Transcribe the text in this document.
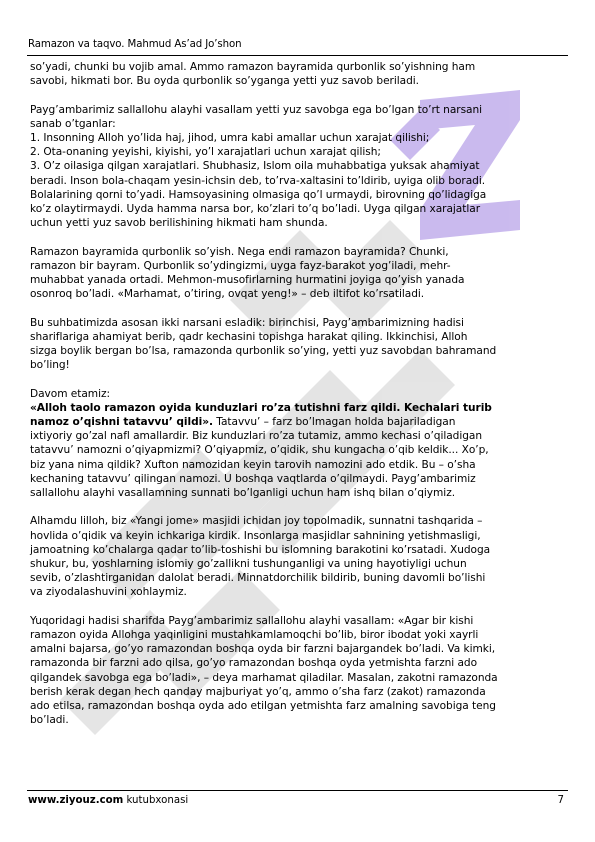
Ramazon va taqvo. Mahmud As’ad Jo’shon

so’yadi, chunki bu vojib amal. Ammo ramazon bayramida qurbonlik so’yishning ham
savobi, hikmati bor. Bu oyda qurbonlik so’yganga yetti yuz savob beriladi.

Payg’ambarimiz sallallohu alayhi vasallam yetti yuz savobga ega bo’lgan to’rt narsani
sanab o’tganlar:
1. Insonning Alloh yo’lida haj, jihod, umra kabi amallar uchun xarajat qilishi;
2. Ota-onaning yeyishi, kiyishi, yo’l xarajatlari uchun xarajat qilish;
3. O’z oilasiga qilgan xarajatlari. Shubhasiz, Islom oila muhabbatiga yuksak ahamiyat
beradi. Inson bola-chaqam yesin-ichsin deb, to’rva-xaltasini to’ldirib, uyiga olib boradi.
Bolalarining qorni to’yadi. Hamsoyasining olmasiga qo’l urmaydi, birovning qo’lidagiga
ko’z olaytirmaydi. Uyda hamma narsa bor, ko’zlari to’q bo’ladi. Uyga qilgan xarajatlar
uchun yetti yuz savob berilishining hikmati ham shunda.

Ramazon bayramida qurbonlik so’yish. Nega endi ramazon bayramida? Chunki,
ramazon bir bayram. Qurbonlik so’ydingizmi, uyga fayz-barakot yog’iladi, mehr-
muhabbat yanada ortadi. Mehmon-musofirlarning hurmatini joyiga qo’yish yanada
osonroq bo’ladi. «Marhamat, o’tiring, ovqat yeng!» – deb iltifot ko’rsatiladi.

Bu suhbatimizda asosan ikki narsani esladik: birinchisi, Payg’ambarimizning hadisi
shariflariga ahamiyat berib, qadr kechasini topishga harakat qiling. Ikkinchisi, Alloh
sizga boylik bergan bo’lsa, ramazonda qurbonlik so’ying, yetti yuz savobdan bahramand
bo’ling!

Davom etamiz:
«Alloh taolo ramazon oyida kunduzlari ro’za tutishni farz qildi. Kechalari turib
namoz o’qishni tatavvu’ qildi». Tatavvu’ – farz bo’lmagan holda bajariladigan
ixtiyoriy go’zal nafl amallardir. Biz kunduzlari ro’za tutamiz, ammo kechasi o’qiladigan
tatavvu’ namozni o’qiyapmizmi? O’qiyapmiz, o’qidik, shu kungacha o’qib keldik... Xo’p,
biz yana nima qildik? Xufton namozidan keyin tarovih namozini ado etdik. Bu – o’sha
kechaning tatavvu’ qilingan namozi. U boshqa vaqtlarda o’qilmaydi. Payg’ambarimiz
sallallohu alayhi vasallamning sunnati bo’lganligi uchun ham ishq bilan o’qiymiz.

Alhamdu lilloh, biz «Yangi jome» masjidi ichidan joy topolmadik, sunnatni tashqarida –
hovlida o’qidik va keyin ichkariga kirdik. Insonlarga masjidlar sahnining yetishmasligi,
jamoatning ko’chalarga qadar to’lib-toshishi bu islomning barakotini ko’rsatadi. Xudoga
shukur, bu, yoshlarning islomiy go’zallikni tushunganligi va uning hayotiyligi uchun
sevib, o’zlashtirganidan dalolat beradi. Minnatdorchilik bildirib, buning davomli bo’lishi
va ziyodalashuvini xohlaymiz.

Yuqoridagi hadisi sharifda Payg’ambarimiz sallallohu alayhi vasallam: «Agar bir kishi
ramazon oyida Allohga yaqinligini mustahkamlamoqchi bo’lib, biror ibodat yoki xayrli
amalni bajarsa, go’yo ramazondan boshqa oyda bir farzni bajargandek bo’ladi. Va kimki,
ramazonda bir farzni ado qilsa, go’yo ramazondan boshqa oyda yetmishta farzni ado
qilgandek savobga ega bo’ladi», – deya marhamat qiladilar. Masalan, zakotni ramazonda
berish kerak degan hech qanday majburiyat yo’q, ammo o’sha farz (zakot) ramazonda
ado etilsa, ramazondan boshqa oyda ado etilgan yetmishta farz amalning savobiga teng
bo’ladi.

www.ziyouz.com kutubxonasi	7
